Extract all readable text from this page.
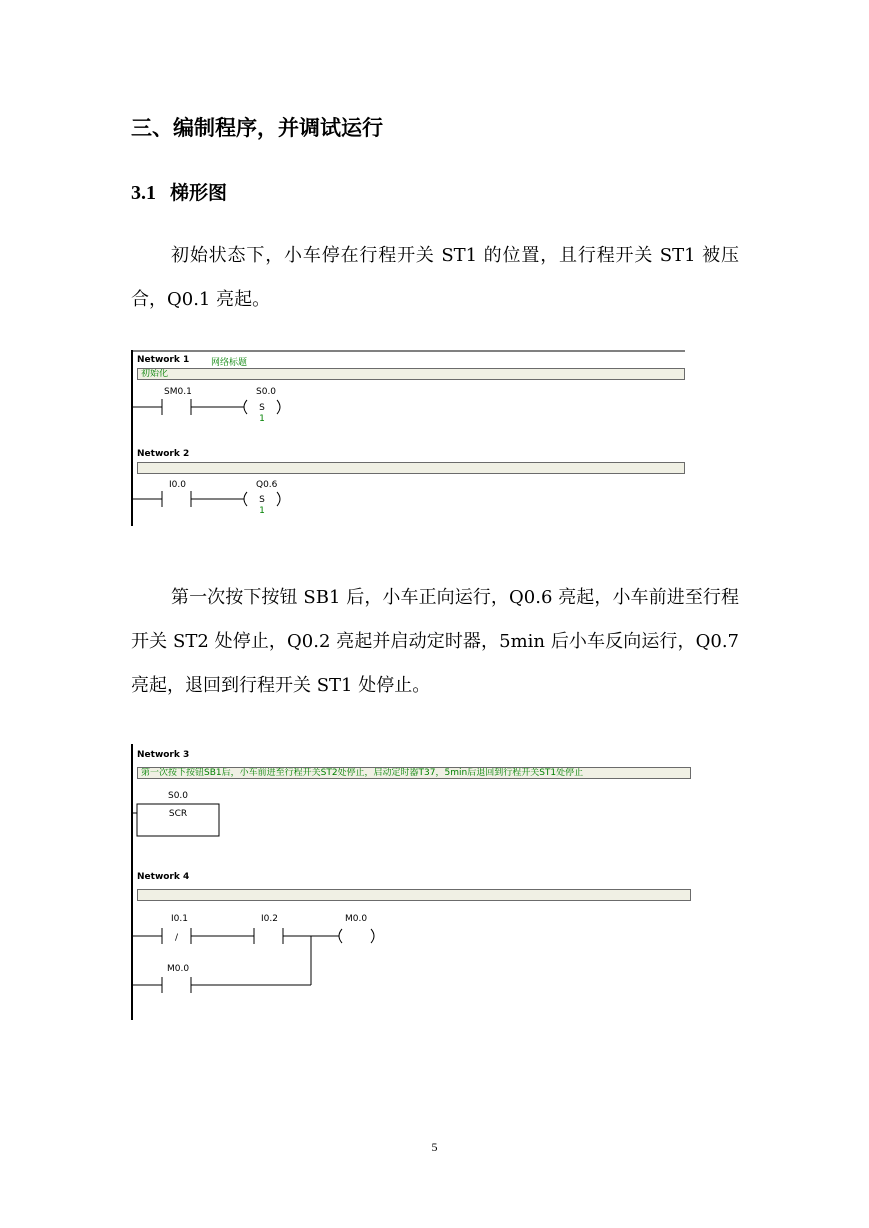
三、编制程序，并调试运行
3.1 梯形图
初始状态下，小车停在行程开关 ST1 的位置，且行程开关 ST1 被压合，Q0.1 亮起。
SM0.1	S0.0
S
1
I0.0	Q0.6
S
1
Network 1 网络标题
初始化
Network 2
第一次按下按钮 SB1 后，小车正向运行，Q0.6 亮起，小车前进至行程开关 ST2 处停止，Q0.2 亮起并启动定时器，5min 后小车反向运行，Q0.7 亮起，退回到行程开关 ST1 处停止。
S0.0
SCR
/
I0.1	I0.2	M0.0
M0.0
Network 3
第一次按下按钮SB1后，小车前进至行程开关ST2处停止，启动定时器T37，5min后退回到行程开关ST1处停止
Network 4
5
